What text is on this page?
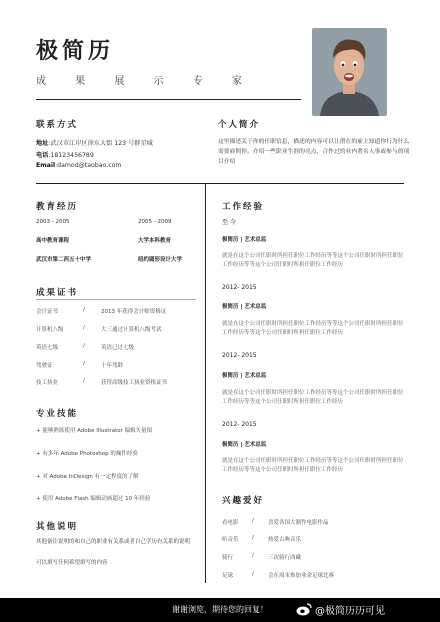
极简历
成 果 展 示 专 家
联系方式
地址:武汉市江岸区徐东大街 123 号群星城
电话:18123456789
Email:damod@taobao.com
个人简介
这里描述关于你的任职信息，描述的内容可以让潜在的雇主知道你行为什么需要雇佣你。介绍一些职业生涯的亮点，合作过的业内著名人事或参与的项目介绍
教育经历
2003 - 2005	2005 - 2009
高中教育课程	大学本科教育
武汉市第二西五十中学	纽约圆形设计大学
成果证书
会计证书	/	2013 年获得会计师资格证
计算机八级	/	大三通过计算机八级考试
英语七级	/	英语已过七级
驾驶证	/	十年驾龄
技工执业	/	获得高级技工执业资格证书
专业技能
+ 能够熟练使用 Adobe Illustrator 编辑矢量图
+ 有多年 Adobe Photoshop 的操作经验
+ 对 Adobe InDesign 有一定程度的了解
+ 使用 Adobe Flash 编辑动画超过 10 年经验
其他说明
其他备注说明的和自己的职业有关系或者自己学历有关系的说明
可以填写任何希望填写的内容
工作经验
至 今
极简历 | 艺术总监
就是在这个公司任职时所担任职位工作经历等等这个公司任职时所担任职位工作经历等等这个公司任职时所担任职位工作经历
2012- 2015
极简历 | 艺术总监
就是在这个公司任职时所担任职位工作经历等等这个公司任职时所担任职位工作经历等等这个公司任职时所担任职位工作经历
2012- 2015
极简历 | 艺术总监
就是在这个公司任职时所担任职位工作经历等等这个公司任职时所担任职位工作经历等等这个公司任职时所担任职位工作经历
2012- 2015
极简历 | 艺术总监
就是在这个公司任职时所担任职位工作经历等等这个公司任职时所担任职位工作经历等等这个公司任职时所担任职位工作经历
兴趣爱好
看电影 /	喜爱各国大制作电影作品
听音乐 /	热爱古典音乐
骑行	/	三次骑行西藏
足球	/	会在周末参加业余足球比赛
谢谢浏览，期待您的回复！	@极简历历可见
